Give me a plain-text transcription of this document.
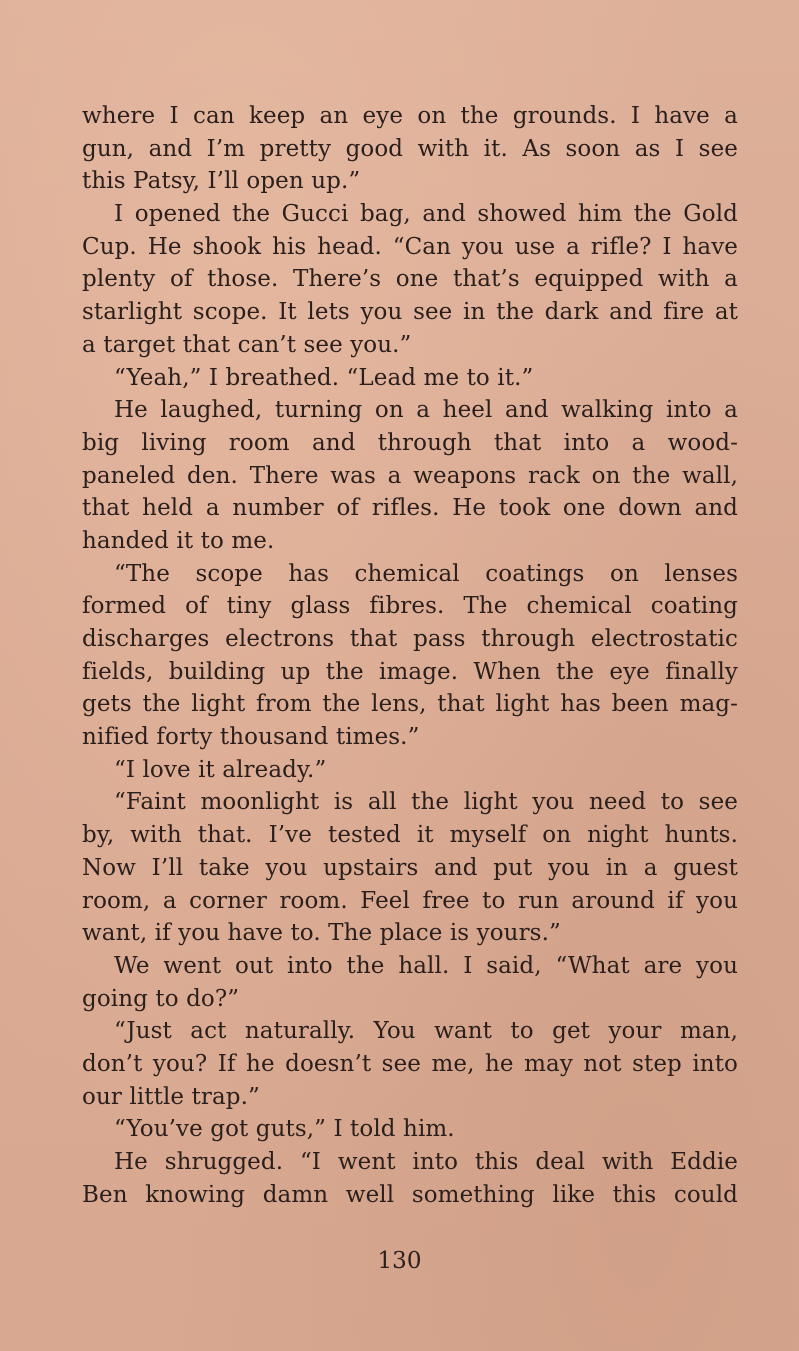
where I can keep an eye on the grounds. I have a
gun, and I’m pretty good with it. As soon as I see
this Patsy, I’ll open up.”
I opened the Gucci bag, and showed him the Gold
Cup. He shook his head. “Can you use a rifle? I have
plenty of those. There’s one that’s equipped with a
starlight scope. It lets you see in the dark and fire at
a target that can’t see you.”
“Yeah,” I breathed. “Lead me to it.”
He laughed, turning on a heel and walking into a
big living room and through that into a wood-
paneled den. There was a weapons rack on the wall,
that held a number of rifles. He took one down and
handed it to me.
“The scope has chemical coatings on lenses
formed of tiny glass fibres. The chemical coating
discharges electrons that pass through electrostatic
fields, building up the image. When the eye finally
gets the light from the lens, that light has been mag-
nified forty thousand times.”
“I love it already.”
“Faint moonlight is all the light you need to see
by, with that. I’ve tested it myself on night hunts.
Now I’ll take you upstairs and put you in a guest
room, a corner room. Feel free to run around if you
want, if you have to. The place is yours.”
We went out into the hall. I said, “What are you
going to do?”
“Just act naturally. You want to get your man,
don’t you? If he doesn’t see me, he may not step into
our little trap.”
“You’ve got guts,” I told him.
He shrugged. “I went into this deal with Eddie
Ben knowing damn well something like this could
130
